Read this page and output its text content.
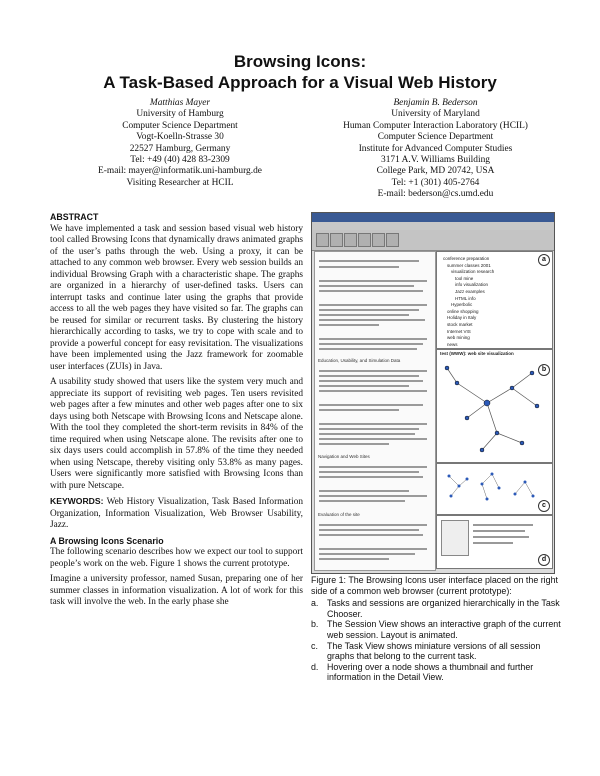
Browsing Icons:
A Task-Based Approach for a Visual Web History
Matthias Mayer
University of Hamburg
Computer Science Department
Vogt-Koelln-Strasse 30
22527 Hamburg, Germany
Tel: +49 (40) 428 83-2309
E-mail: mayer@informatik.uni-hamburg.de
Visiting Researcher at HCIL
Benjamin B. Bederson
University of Maryland
Human Computer Interaction Laboratory (HCIL)
Computer Science Department
Institute for Advanced Computer Studies
3171 A.V. Williams Building
College Park, MD 20742, USA
Tel: +1 (301) 405-2764
E-mail: bederson@cs.umd.edu
ABSTRACT

We have implemented a task and session based visual web history tool called Browsing Icons that dynamically draws animated graphs of the user’s paths through the web. Using a proxy, it can be attached to any common web browser. Every web session builds an individual Browsing Graph with a characteristic shape. The graphs are organized in a hierarchy of user-defined tasks. Users can interrupt tasks and continue later using the graphs that provide access to all the web pages they have visited so far. The graphs can be reused for similar or recurrent tasks. By clustering the history hierarchically according to tasks, we try to cope with scale and to provide a powerful concept for easy revisitation. The visualizations have been implemented using the Jazz framework for zoomable user interfaces (ZUIs) in Java.

A usability study showed that users like the system very much and appreciate its support of revisiting web pages. Ten users revisited web pages after a few minutes and other web pages after one to six days using both Netscape with Browsing Icons and Netscape alone. With the tool they completed the short-term revisits in 84% of the time required when using Netscape alone. The revisits after one to six days users could accomplish in 57.8% of the time they needed when using Netscape, thereby visiting only 53.8% as many pages. Users were significantly more satisfied with Browsing Icons than with pure Netscape.

KEYWORDS: Web History Visualization, Task Based Information Organization, Information Visualization, Web Browser Usability, Jazz.

A Browsing Icons Scenario

The following scenario describes how we expect our tool to support people’s work on the web. Figure 1 shows the current prototype.

Imagine a university professor, named Susan, preparing one of her summer classes in information visualization. A lot of work for this task will involve the web. In the early phase she

Education, Usability, and Simulation Data
Navigation and Web Sites
Evaluation of the site
conference preparation
summer classes 2001
visualization research
tool mine
info visualization
Jazz examples
HTML info
Hyperbolic
online shopping
Holiday in Italy
stock market
Internet VIS
web mining
news
a
test (WWW): web site visualization
b
c
d
Figure 1: The Browsing Icons user interface placed on the right side of a common web browser (current prototype):
a. Tasks and sessions are organized hierarchically in the Task Chooser.
b. The Session View shows an interactive graph of the current web session. Layout is animated.
c. The Task View shows miniature versions of all session graphs that belong to the current task.
d. Hovering over a node shows a thumbnail and further information in the Detail View.
